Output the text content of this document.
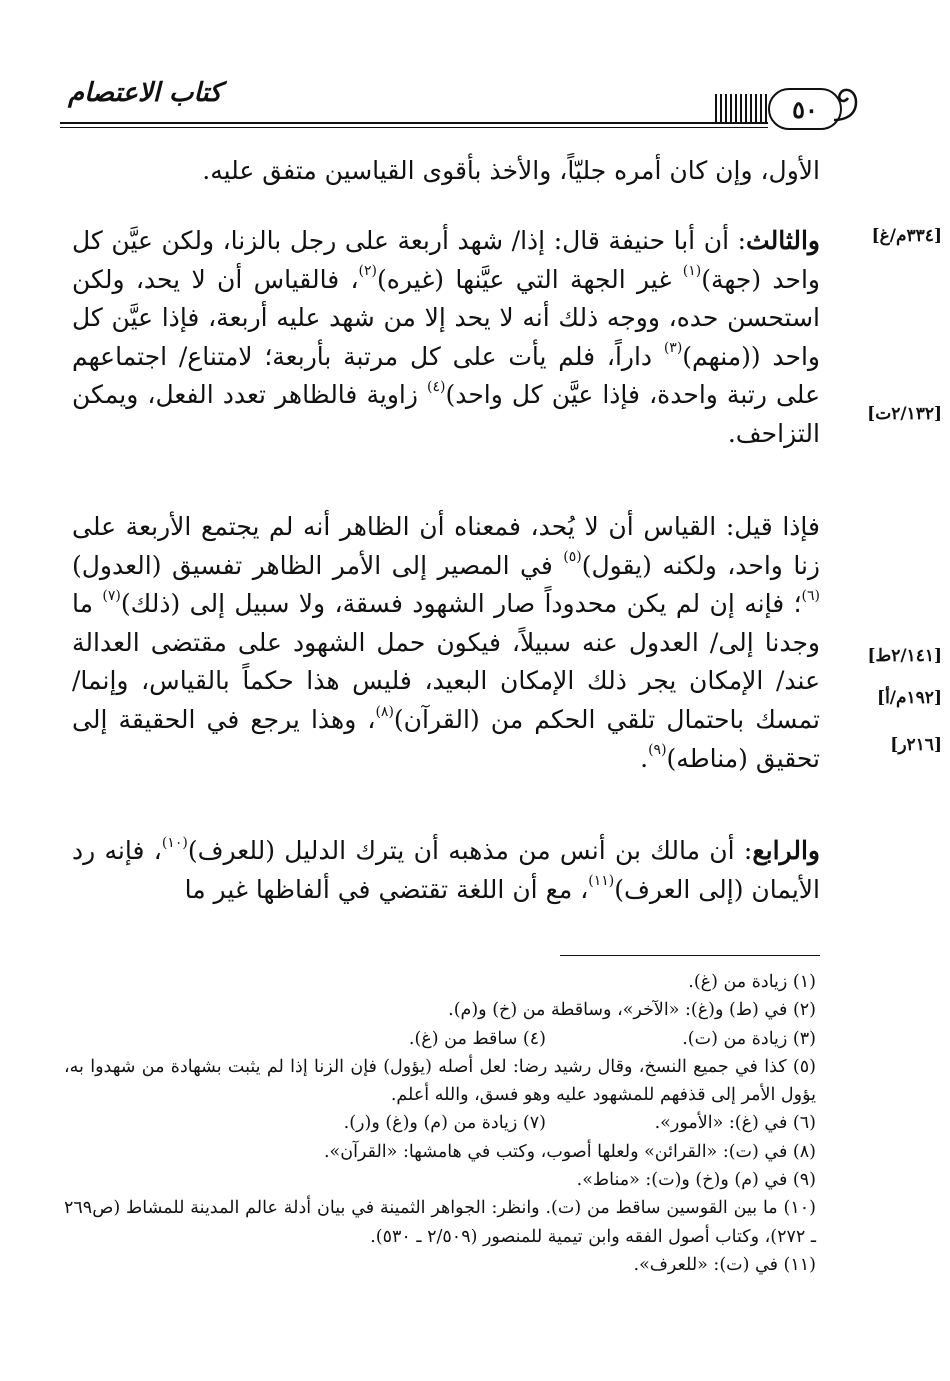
كتاب الاعتصام
٥٠
الأول، وإن كان أمره جليّاً، والأخذ بأقوى القياسين متفق عليه.
والثالث: أن أبا حنيفة قال: إذا/ شهد أربعة على رجل بالزنا، ولكن عيَّن كل واحد (جهة)$^{(١)}$ غير الجهة التي عيَّنها (غيره)$^{(٢)}$، فالقياس أن لا يحد، ولكن استحسن حده، ووجه ذلك أنه لا يحد إلا من شهد عليه أربعة، فإذا عيَّن كل واحد ((منهم)$^{(٣)}$ داراً، فلم يأت على كل مرتبة بأربعة؛ لامتناع/ اجتماعهم على رتبة واحدة، فإذا عيَّن كل واحد)$^{(٤)}$ زاوية فالظاهر تعدد الفعل، ويمكن التزاحف.
فإذا قيل: القياس أن لا يُحد، فمعناه أن الظاهر أنه لم يجتمع الأربعة على زنا واحد، ولكنه (يقول)$^{(٥)}$ في المصير إلى الأمر الظاهر تفسيق (العدول)$^{(٦)}$؛ فإنه إن لم يكن محدوداً صار الشهود فسقة، ولا سبيل إلى (ذلك)$^{(٧)}$ ما وجدنا إلى/ العدول عنه سبيلاً، فيكون حمل الشهود على مقتضى العدالة عند/ الإمكان يجر ذلك الإمكان البعيد، فليس هذا حكماً بالقياس، وإنما/ تمسك باحتمال تلقي الحكم من (القرآن)$^{(٨)}$، وهذا يرجع في الحقيقة إلى تحقيق (مناطه)$^{(٩)}$.
والرابع: أن مالك بن أنس من مذهبه أن يترك الدليل (للعرف)$^{(١٠)}$، فإنه رد الأيمان (إلى العرف)$^{(١١)}$، مع أن اللغة تقتضي في ألفاظها غير ما
[٣٣٤م/غ]
[٢/١٣٢ت]
[٢/١٤١ط]
[١٩٢م/أ]
[٢١٦ر]
(١) زيادة من (غ).
(٢) في (ط) و(غ): «الآخر»، وساقطة من (خ) و(م).
(٣) زيادة من (ت).
(٤) ساقط من (غ).
(٥) كذا في جميع النسخ، وقال رشيد رضا: لعل أصله (يؤول) فإن الزنا إذا لم يثبت بشهادة من شهدوا به، يؤول الأمر إلى قذفهم للمشهود عليه وهو فسق، والله أعلم.
(٦) في (غ): «الأمور».
(٧) زيادة من (م) و(غ) و(ر).
(٨) في (ت): «القرائن» ولعلها أصوب، وكتب في هامشها: «القرآن».
(٩) في (م) و(خ) و(ت): «مناط».
(١٠) ما بين القوسين ساقط من (ت). وانظر: الجواهر الثمينة في بيان أدلة عالم المدينة للمشاط (ص٢٦٩ ـ ٢٧٢)، وكتاب أصول الفقه وابن تيمية للمنصور (٢/٥٠٩ ـ ٥٣٠).
(١١) في (ت): «للعرف».
